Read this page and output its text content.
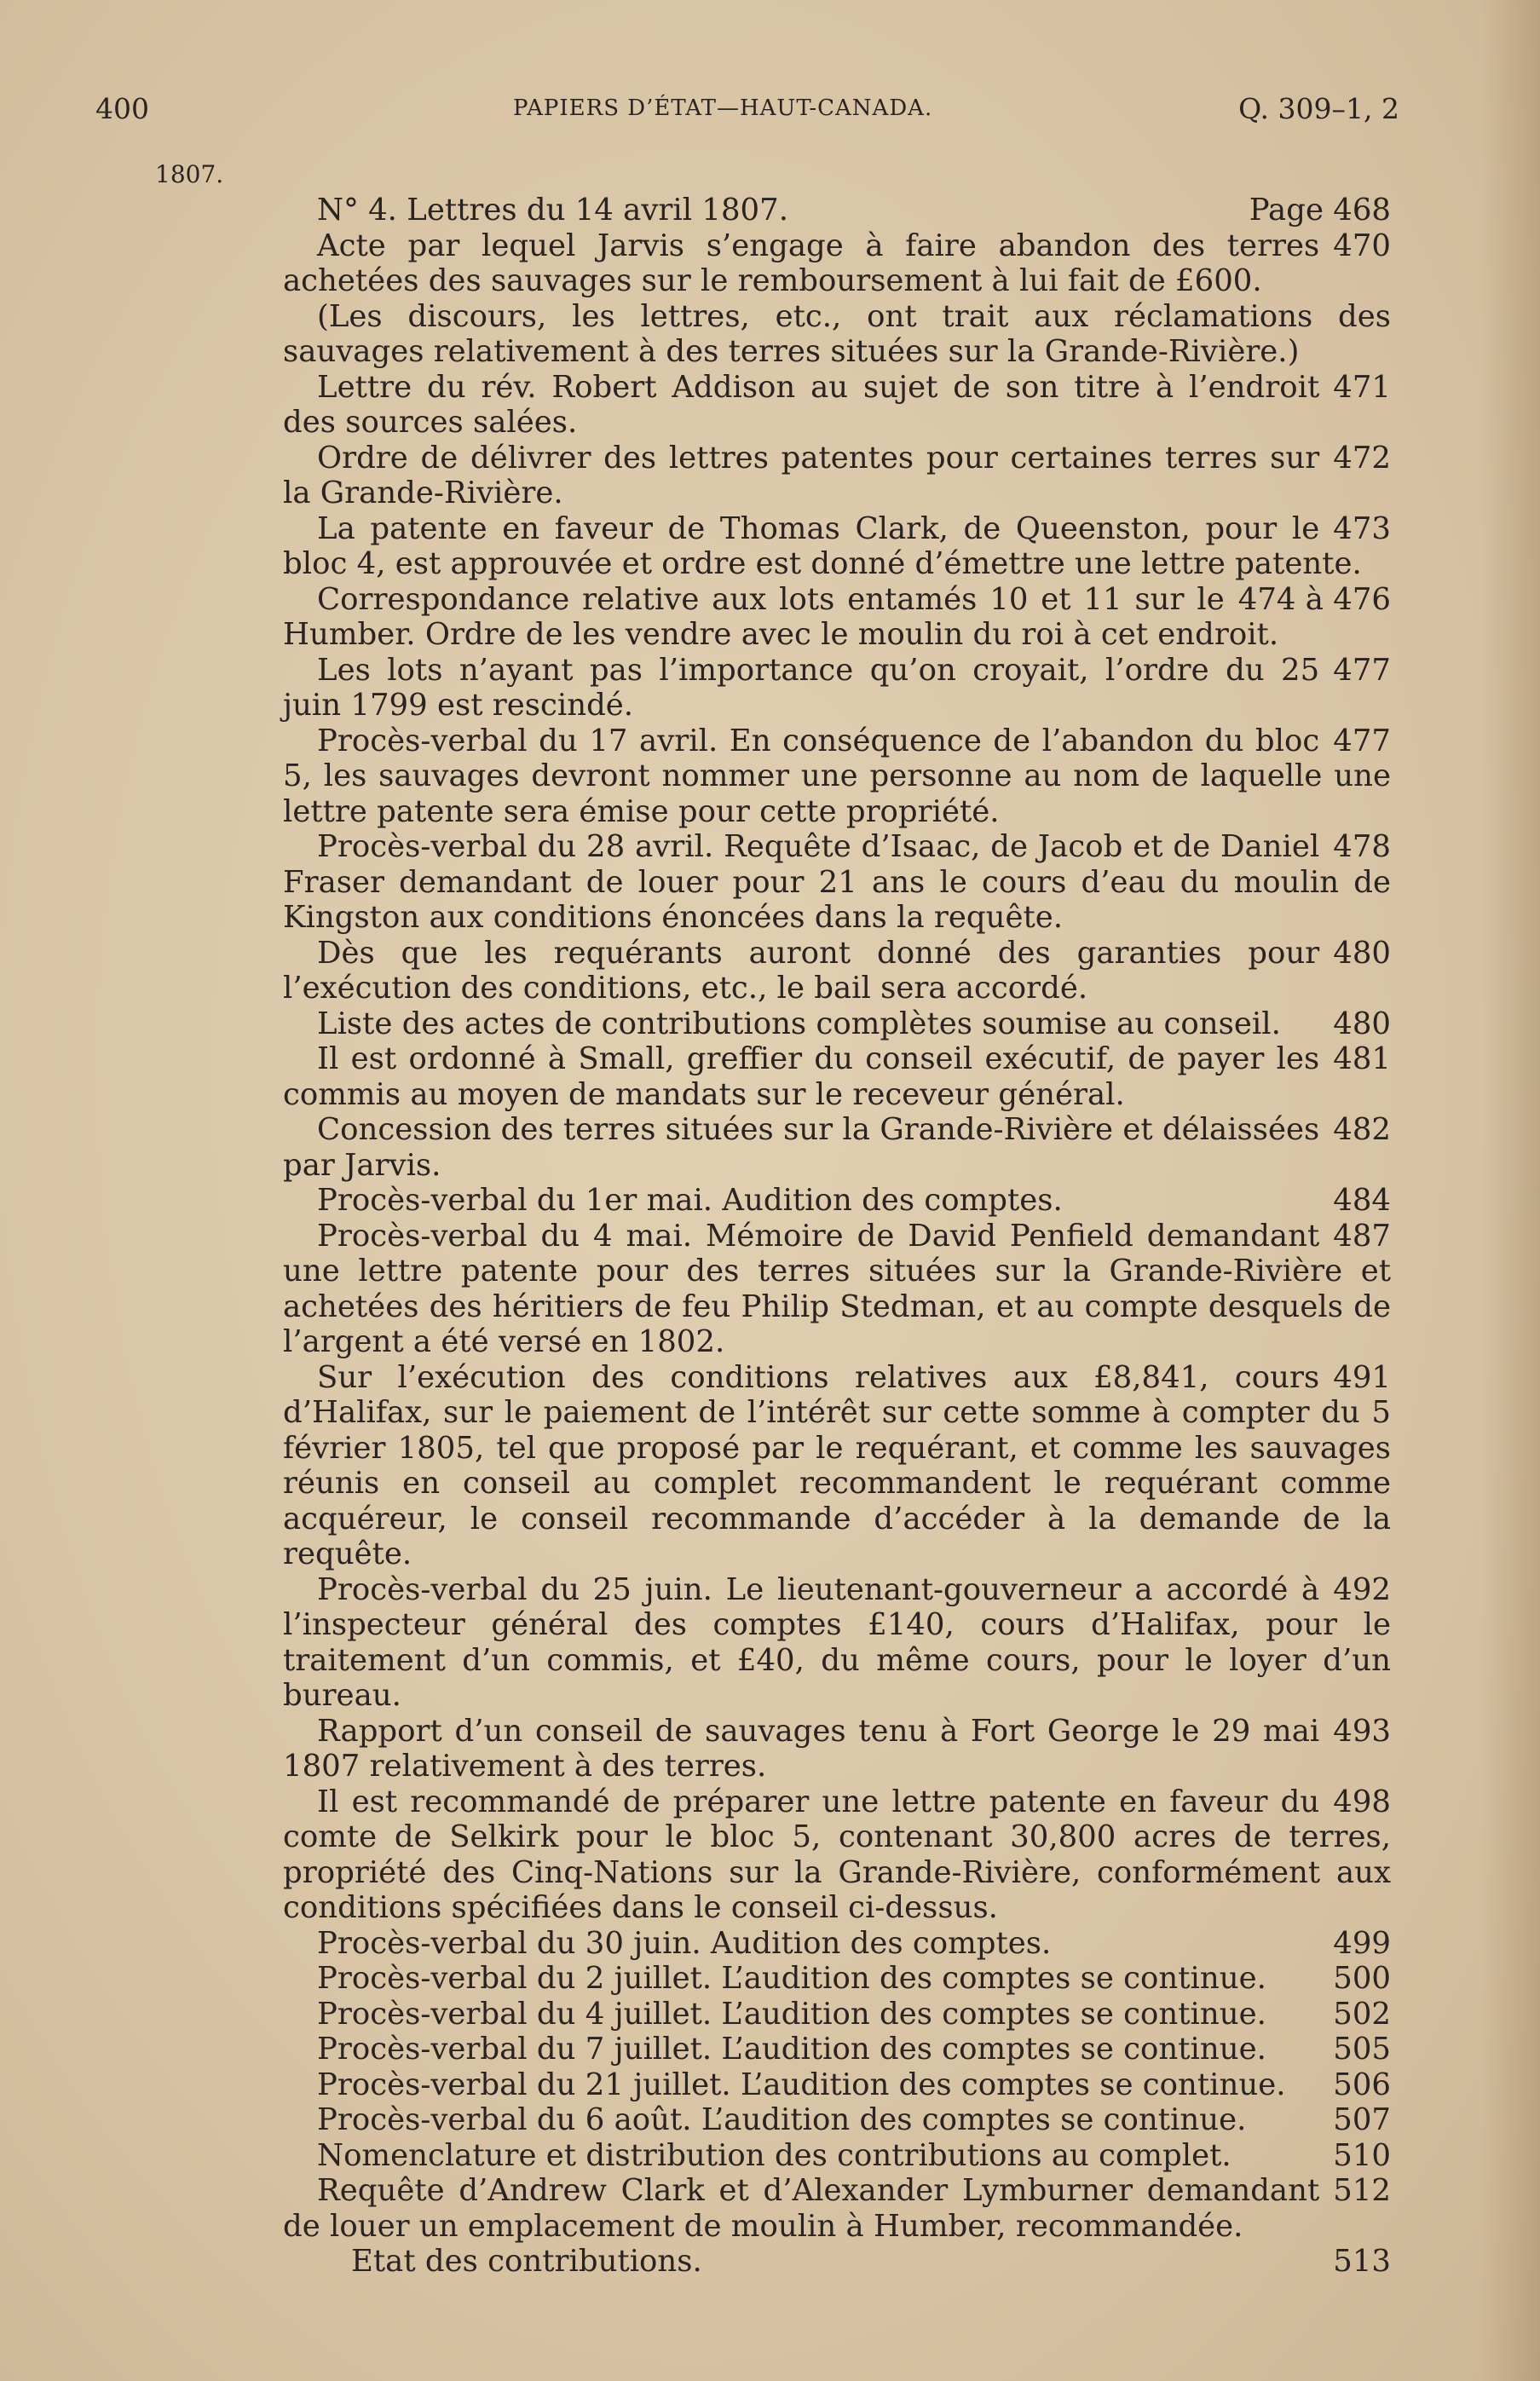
400	PAPIERS D’ÉTAT—HAUT-CANADA.	Q. 309–1, 2
1807.
Page 468
N° 4. Lettres du 14 avril 1807.
470
Acte par lequel Jarvis s’engage à faire abandon des terres achetées des sauvages sur le remboursement à lui fait de £600.
(Les discours, les lettres, etc., ont trait aux réclamations des sauvages relativement à des terres situées sur la Grande-Rivière.)
471
Lettre du rév. Robert Addison au sujet de son titre à l’endroit des sources salées.
472
Ordre de délivrer des lettres patentes pour certaines terres sur la Grande-Rivière.
473
La patente en faveur de Thomas Clark, de Queenston, pour le bloc 4, est approuvée et ordre est donné d’émettre une lettre patente.
474 à 476
Correspondance relative aux lots entamés 10 et 11 sur le Humber. Ordre de les vendre avec le moulin du roi à cet endroit.
477
Les lots n’ayant pas l’importance qu’on croyait, l’ordre du 25 juin 1799 est rescindé.
477
Procès-verbal du 17 avril. En conséquence de l’abandon du bloc 5, les sauvages devront nommer une personne au nom de laquelle une lettre patente sera émise pour cette propriété.
478
Procès-verbal du 28 avril. Requête d’Isaac, de Jacob et de Daniel Fraser demandant de louer pour 21 ans le cours d’eau du moulin de Kingston aux conditions énoncées dans la requête.
480
Dès que les requérants auront donné des garanties pour l’exécution des conditions, etc., le bail sera accordé.
480
Liste des actes de contributions complètes soumise au conseil.
481
Il est ordonné à Small, greffier du conseil exécutif, de payer les commis au moyen de mandats sur le receveur général.
482
Concession des terres situées sur la Grande-Rivière et délaissées par Jarvis.
484
Procès-verbal du 1er mai. Audition des comptes.
487
Procès-verbal du 4 mai. Mémoire de David Penfield demandant une lettre patente pour des terres situées sur la Grande-Rivière et achetées des héritiers de feu Philip Stedman, et au compte desquels de l’argent a été versé en 1802.
491
Sur l’exécution des conditions relatives aux £8,841, cours d’Halifax, sur le paiement de l’intérêt sur cette somme à compter du 5 février 1805, tel que proposé par le requérant, et comme les sauvages réunis en conseil au complet recommandent le requérant comme acquéreur, le conseil recommande d’accéder à la demande de la requête.
492
Procès-verbal du 25 juin. Le lieutenant-gouverneur a accordé à l’inspecteur général des comptes £140, cours d’Halifax, pour le traitement d’un commis, et £40, du même cours, pour le loyer d’un bureau.
493
Rapport d’un conseil de sauvages tenu à Fort George le 29 mai 1807 relativement à des terres.
498
Il est recommandé de préparer une lettre patente en faveur du comte de Selkirk pour le bloc 5, contenant 30,800 acres de terres, propriété des Cinq-Nations sur la Grande-Rivière, conformément aux conditions spécifiées dans le conseil ci-dessus.
499
Procès-verbal du 30 juin. Audition des comptes.
500
Procès-verbal du 2 juillet. L’audition des comptes se continue.
502
Procès-verbal du 4 juillet. L’audition des comptes se continue.
505
Procès-verbal du 7 juillet. L’audition des comptes se continue.
506
Procès-verbal du 21 juillet. L’audition des comptes se continue.
507
Procès-verbal du 6 août. L’audition des comptes se continue.
510
Nomenclature et distribution des contributions au complet.
512
Requête d’Andrew Clark et d’Alexander Lymburner demandant de louer un emplacement de moulin à Humber, recommandée.
513
Etat des contributions.
